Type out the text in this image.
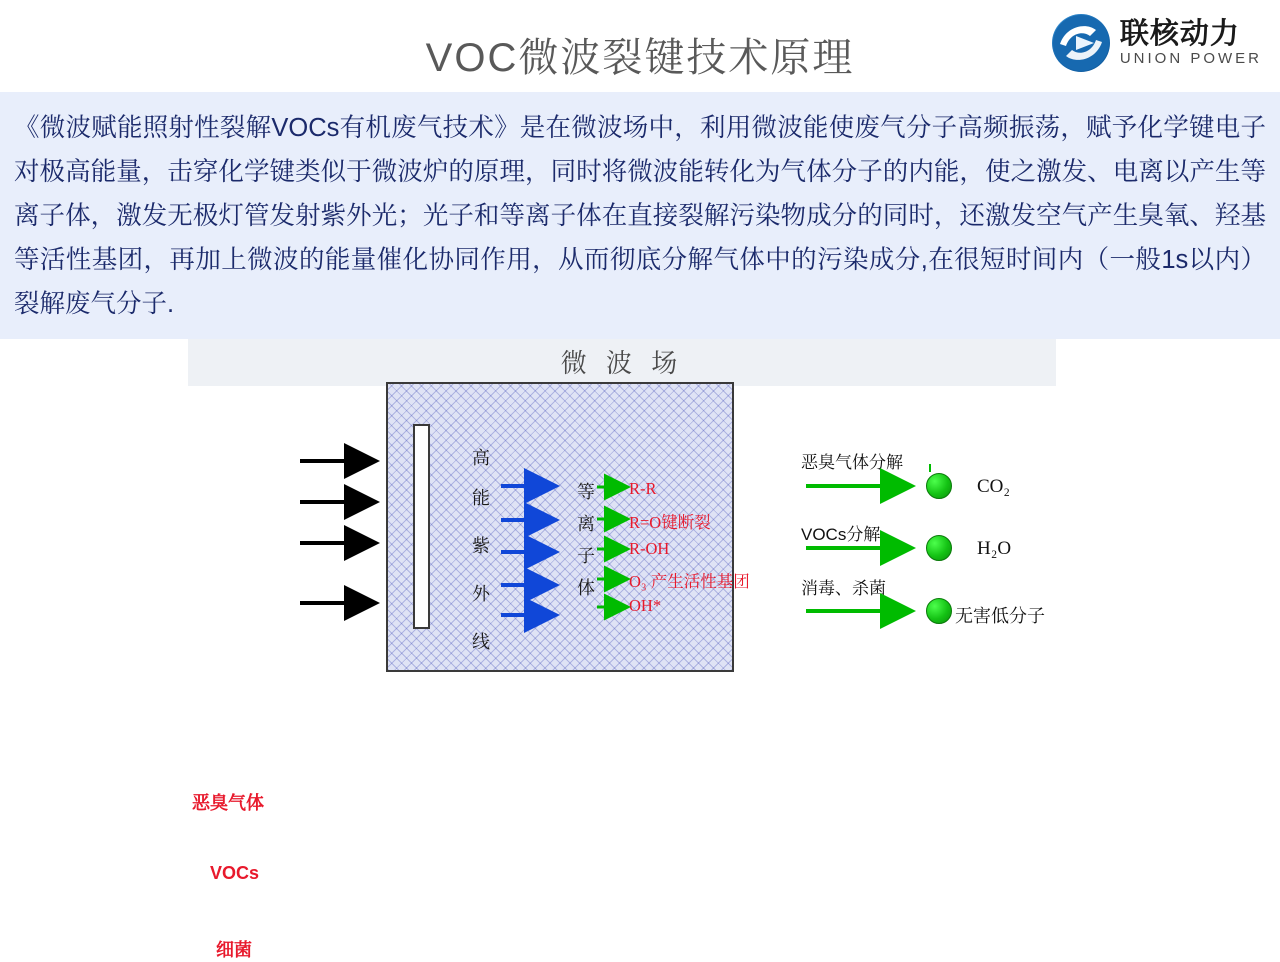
VOC微波裂键技术原理
联核动力
UNION POWER
《微波赋能照射性裂解VOCs有机废气技术》是在微波场中，利用微波能使废气分子高频振荡，赋予化学键电子对极高能量，击穿化学键类似于微波炉的原理，同时将微波能转化为气体分子的内能，使之激发、电离以产生等离子体，激发无极灯管发射紫外光；光子和等离子体在直接裂解污染物成分的同时，还激发空气产生臭氧、羟基等活性基团，再加上微波的能量催化协同作用，从而彻底分解气体中的污染成分,在很短时间内（一般1s以内）裂解废气分子.
微 波 场
恶臭气体
VOCs
细菌
高
能
紫
外
线
等
离
子
体
R-R
R=O键断裂
R-OH
O₃ 产生活性基团
OH*
恶臭气体分解
VOCs分解
消毒、杀菌
CO₂
H₂O
无害低分子
